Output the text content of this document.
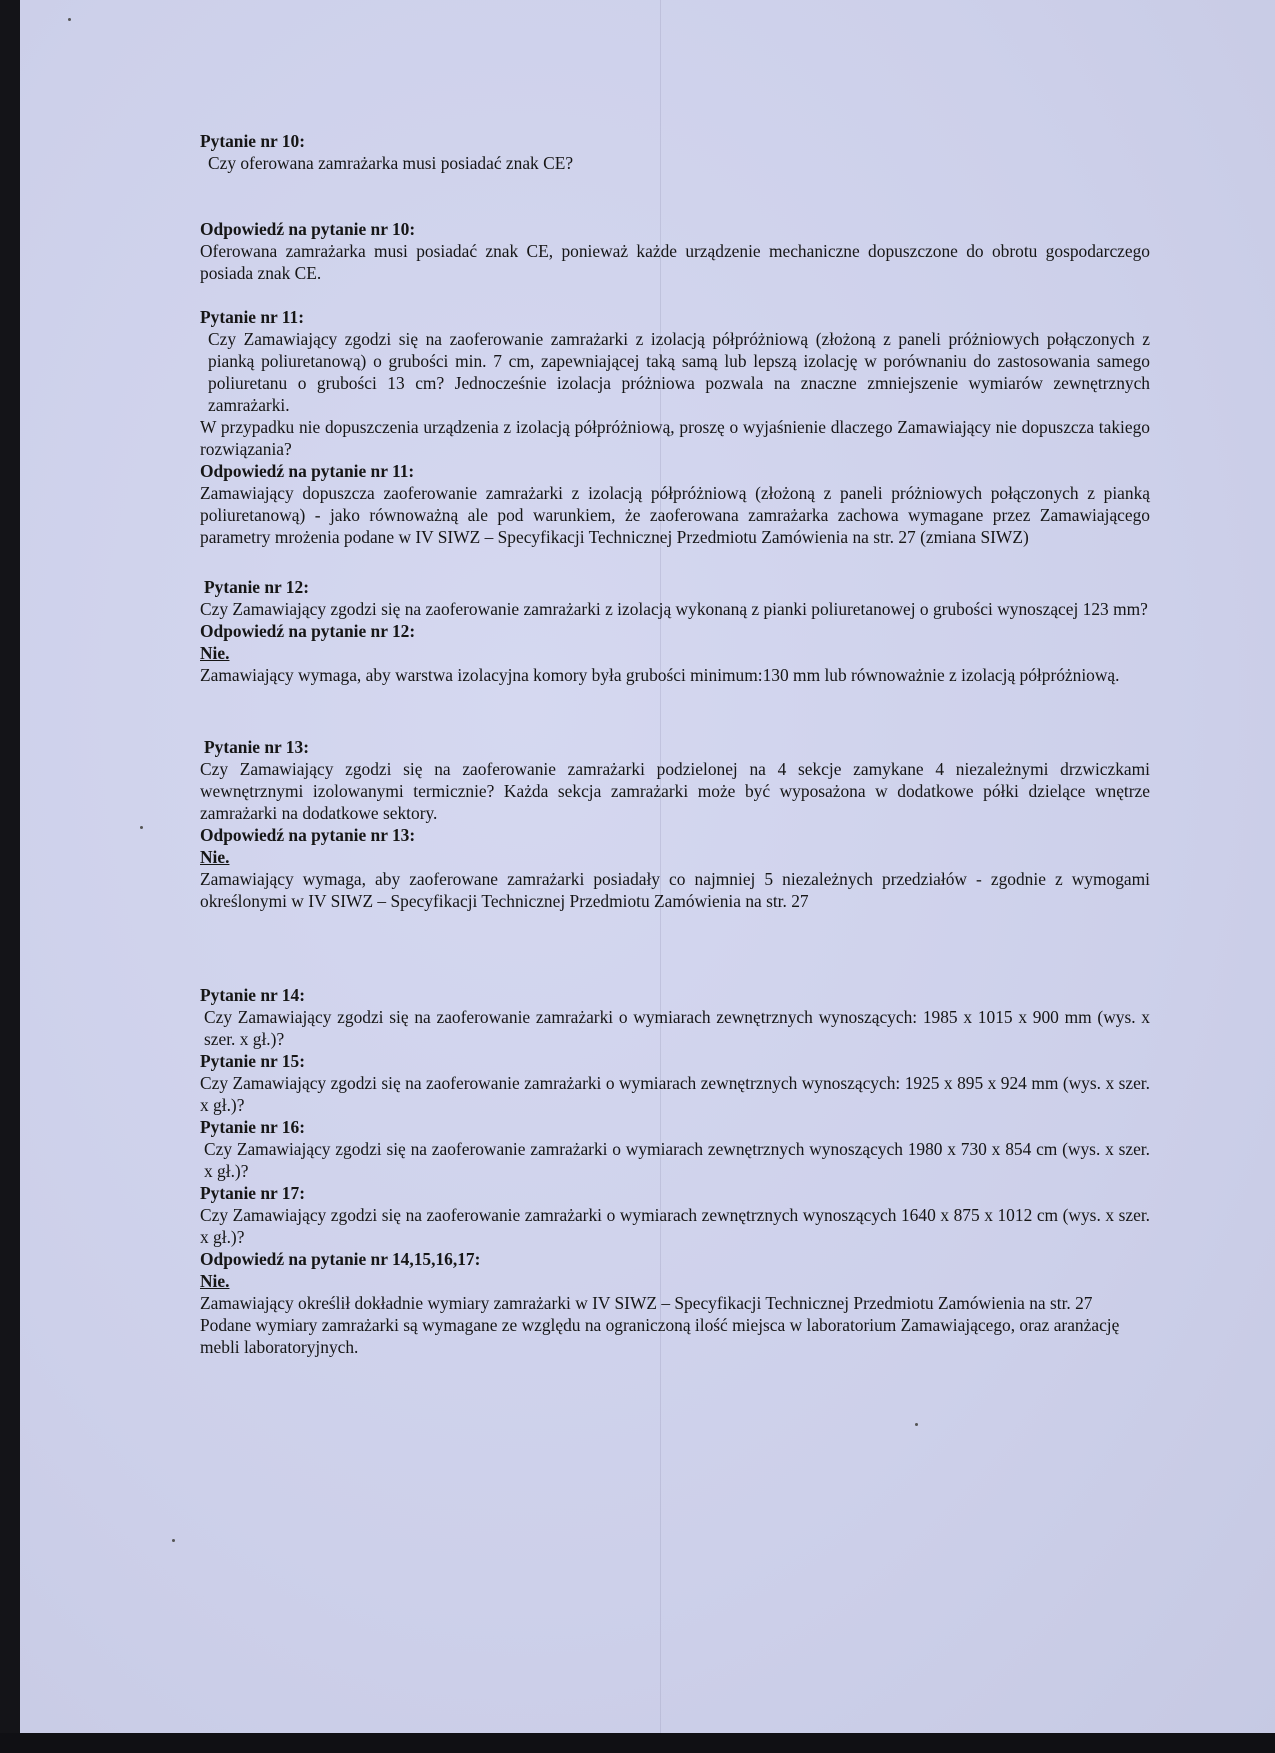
Pytanie nr 10:

Czy oferowana zamrażarka musi posiadać znak CE?

Odpowiedź na pytanie nr 10:

Oferowana zamrażarka musi posiadać znak CE, ponieważ każde urządzenie mechaniczne dopuszczone do obrotu gospodarczego posiada znak CE.

Pytanie nr 11:

Czy Zamawiający zgodzi się na zaoferowanie zamrażarki z izolacją półpróżniową (złożoną z paneli próżniowych połączonych z pianką poliuretanową) o grubości min. 7 cm, zapewniającej taką samą lub lepszą izolację w porównaniu do zastosowania samego poliuretanu o grubości 13 cm? Jednocześnie izolacja próżniowa pozwala na znaczne zmniejszenie wymiarów zewnętrznych zamrażarki.

W przypadku nie dopuszczenia urządzenia z izolacją półpróżniową, proszę o wyjaśnienie dlaczego Zamawiający nie dopuszcza takiego rozwiązania?

Odpowiedź na pytanie nr 11:

Zamawiający dopuszcza zaoferowanie zamrażarki z izolacją półpróżniową (złożoną z paneli próżniowych połączonych z pianką poliuretanową) - jako równoważną ale pod warunkiem, że zaoferowana zamrażarka zachowa wymagane przez Zamawiającego parametry mrożenia podane w IV SIWZ – Specyfikacji Technicznej Przedmiotu Zamówienia na str. 27 (zmiana SIWZ)

Pytanie nr 12:

Czy Zamawiający zgodzi się na zaoferowanie zamrażarki z izolacją wykonaną z pianki poliuretanowej o grubości wynoszącej 123 mm?

Odpowiedź na pytanie nr 12:

Nie.

Zamawiający wymaga, aby warstwa izolacyjna komory była grubości minimum:130 mm lub równoważnie z izolacją półpróżniową.

Pytanie nr 13:

Czy Zamawiający zgodzi się na zaoferowanie zamrażarki podzielonej na 4 sekcje zamykane 4 niezależnymi drzwiczkami wewnętrznymi izolowanymi termicznie? Każda sekcja zamrażarki może być wyposażona w dodatkowe półki dzielące wnętrze zamrażarki na dodatkowe sektory.

Odpowiedź na pytanie nr 13:

Nie.

Zamawiający wymaga, aby zaoferowane zamrażarki posiadały co najmniej 5 niezależnych przedziałów - zgodnie z wymogami określonymi w IV SIWZ – Specyfikacji Technicznej Przedmiotu Zamówienia na str. 27

Pytanie nr 14:

Czy Zamawiający zgodzi się na zaoferowanie zamrażarki o wymiarach zewnętrznych wynoszących: 1985 x 1015 x 900 mm (wys. x szer. x gł.)?

Pytanie nr 15:

Czy Zamawiający zgodzi się na zaoferowanie zamrażarki o wymiarach zewnętrznych wynoszących: 1925 x 895 x 924 mm (wys. x szer. x gł.)?

Pytanie nr 16:

Czy Zamawiający zgodzi się na zaoferowanie zamrażarki o wymiarach zewnętrznych wynoszących 1980 x 730 x 854 cm (wys. x szer. x gł.)?

Pytanie nr 17:

Czy Zamawiający zgodzi się na zaoferowanie zamrażarki o wymiarach zewnętrznych wynoszących 1640 x 875 x 1012 cm (wys. x szer. x gł.)?

Odpowiedź na pytanie nr 14,15,16,17:

Nie.

Zamawiający określił dokładnie wymiary zamrażarki w IV SIWZ – Specyfikacji Technicznej Przedmiotu Zamówienia na str. 27

Podane wymiary zamrażarki są wymagane ze względu na ograniczoną ilość miejsca w laboratorium Zamawiającego, oraz aranżację mebli laboratoryjnych.
